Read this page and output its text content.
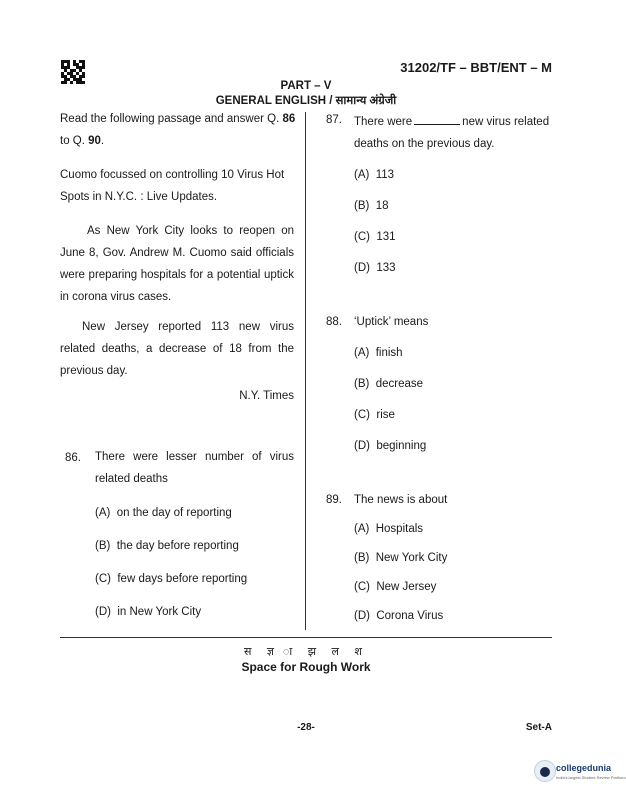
31202/TF – BBT/ENT – M
PART – V
GENERAL ENGLISH / सामान्य अंग्रेजी
Read the following passage and answer Q. 86 to Q. 90.
Cuomo focussed on controlling 10 Virus Hot Spots in N.Y.C. : Live Updates.
As New York City looks to reopen on June 8, Gov. Andrew M. Cuomo said officials were preparing hospitals for a potential uptick in corona virus cases.
New Jersey reported 113 new virus related deaths, a decrease of 18 from the previous day.
N.Y. Times
86. There were lesser number of virus related deaths
(A) on the day of reporting
(B) the day before reporting
(C) few days before reporting
(D) in New York City
87. There were	new virus related
deaths on the previous day.
(A) 113
(B) 18
(C) 131
(D) 133
88. ‘Uptick’ means
(A) finish
(B) decrease
(C) rise
(D) beginning
89. The news is about
(A) Hospitals
(B) New York City
(C) New Jersey
(D) Corona Virus
स ज्ञ ा झ ल श
Space for Rough Work
-28-	Set-A
collegedunia
India's largest Student Review Platform
